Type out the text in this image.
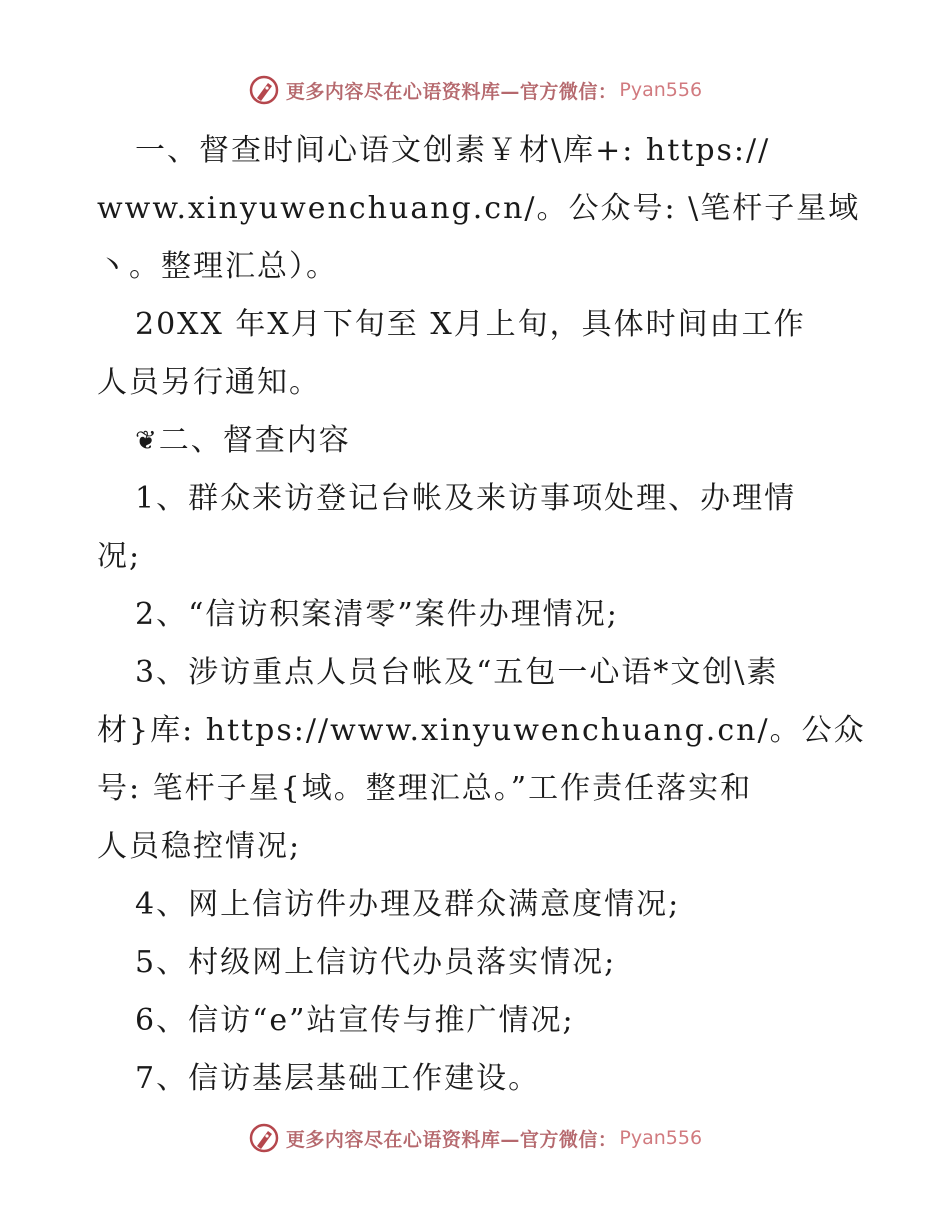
更多内容尽在心语资料库—官方微信： Pyan556
一、督查时间心语文创素￥材\库+: https://
www.xinyuwenchuang.cn/。公众号: \笔杆子星域
丶。整理汇总）。
20XX 年X月下旬至 X月上旬，具体时间由工作
人员另行通知。
❦二、督查内容
1、群众来访登记台帐及来访事项处理、办理情
况;
2、“信访积案清零”案件办理情况;
3、涉访重点人员台帐及“五包一心语*文创\素
材}库: https://www.xinyuwenchuang.cn/。公众
号: 笔杆子星{域。整理汇总。”工作责任落实和
人员稳控情况;
4、网上信访件办理及群众满意度情况;
5、村级网上信访代办员落实情况;
6、信访“e”站宣传与推广情况;
7、信访基层基础工作建设。
更多内容尽在心语资料库—官方微信： Pyan556
